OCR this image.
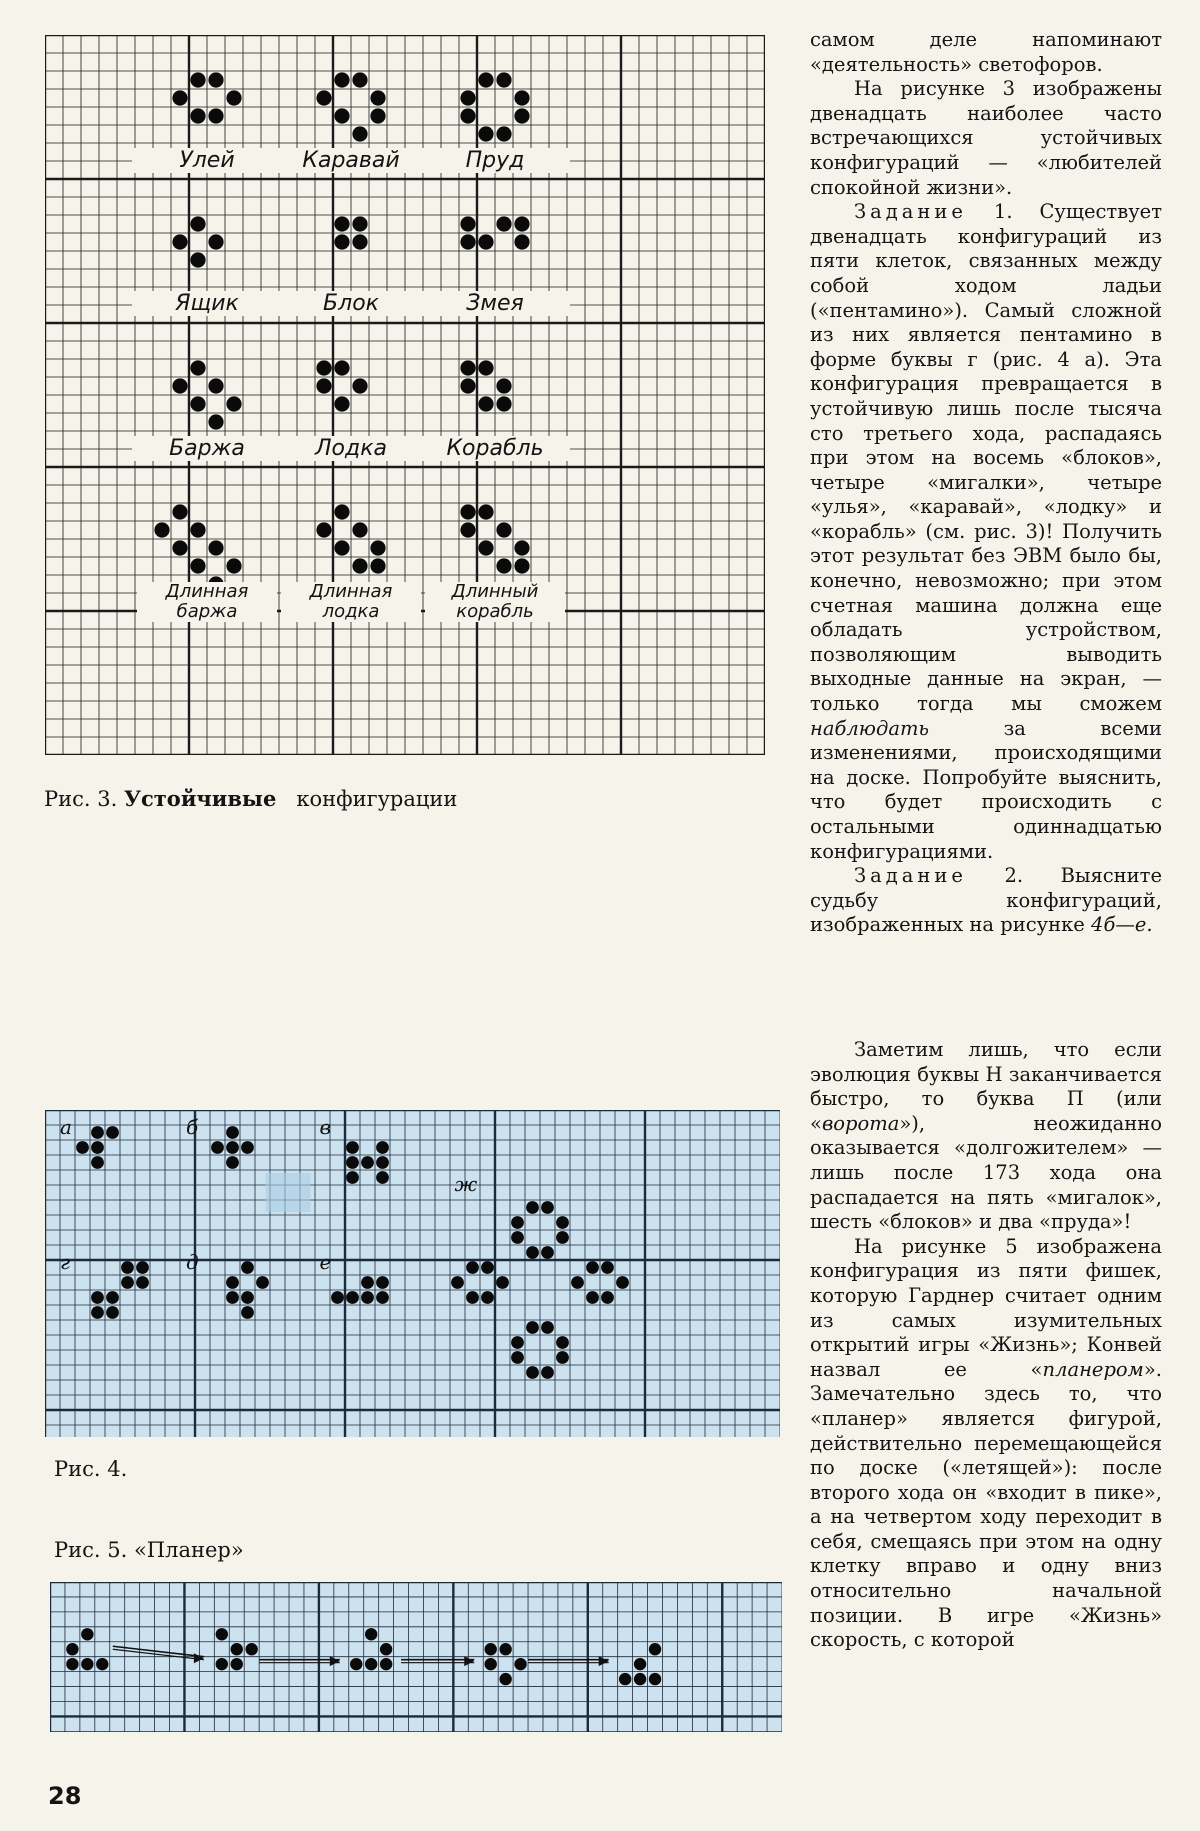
Улей	Каравай	Пруд
Ящик	Блок	Змея
Баржа	Лодка	Корабль
Длинная
баржа
Длинная
лодка
Длинный
корабль
Рис. 3. Устойчивые конфигурации
а	б	в
ж
г	д	е
Рис. 4.
Рис. 5. «Планер»
28

самом деле напоминают «деятельность» светофоров.

На рисунке 3 изображены двенадцать наиболее часто встречающихся устойчивых конфигураций — «любителей спокойной жизни».

Задание 1. Существует двенадцать конфигураций из пяти клеток, связанных между собой ходом ладьи («пентамино»). Самый сложной из них является пентамино в форме буквы г (рис. 4 а). Эта конфигурация превращается в устойчивую лишь после тысяча сто третьего хода, распадаясь при этом на восемь «блоков», четыре «мигалки», четыре «улья», «каравай», «лодку» и «корабль» (см. рис. 3)! Получить этот результат без ЭВМ было бы, конечно, невозможно; при этом счетная машина должна еще обладать устройством, позволяющим выводить выходные данные на экран, — только тогда мы сможем наблюдать	за всеми изменениями, происходящими на доске. Попробуйте выяснить, что будет происходить с остальными одиннадцатью конфигурациями.

Задание 2. Выясните судьбу конфигураций, изображенных на рисунке 4б—е.

Заметим лишь, что если эволюция буквы Н заканчивается быстро, то буква П (или «ворота»), неожиданно оказывается «долгожителем» — лишь после 173 хода она распадается на пять «мигалок», шесть «блоков» и два «пруда»!

На рисунке 5 изображена конфигурация из пяти фишек, которую Гарднер считает одним из самых изумительных открытий игры «Жизнь»; Конвей назвал ее «планером». Замечательно здесь то, что «планер» является фигурой, действительно перемещающейся по доске («летящей»): после второго хода он «входит в пике», а на четвертом ходу переходит в себя, смещаясь при этом на одну клетку вправо и одну вниз относительно начальной позиции. В игре «Жизнь» скорость, с которой
